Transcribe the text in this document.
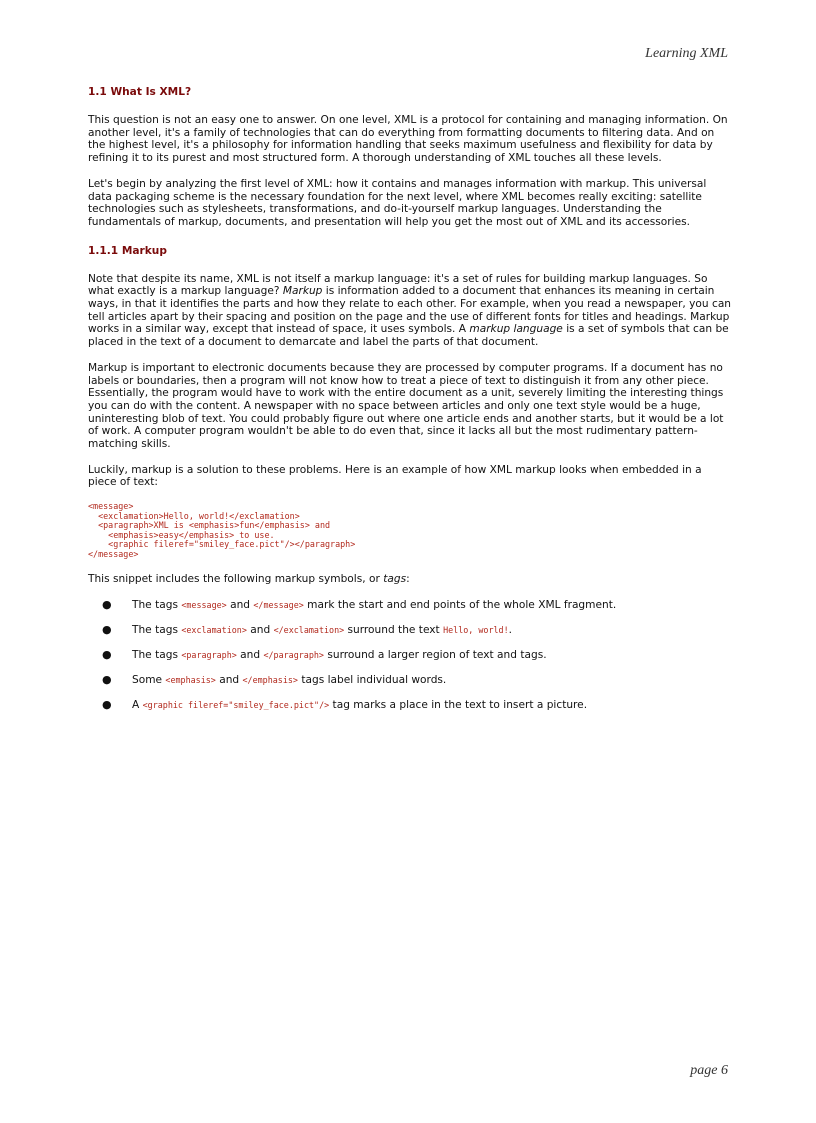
Learning XML
1.1 What Is XML?

This question is not an easy one to answer. On one level, XML is a protocol for containing and managing information. On another level, it's a family of technologies that can do everything from formatting documents to filtering data. And on the highest level, it's a philosophy for information handling that seeks maximum usefulness and flexibility for data by refining it to its purest and most structured form. A thorough understanding of XML touches all these levels.

Let's begin by analyzing the first level of XML: how it contains and manages information with markup. This universal data packaging scheme is the necessary foundation for the next level, where XML becomes really exciting: satellite technologies such as stylesheets, transformations, and do-it-yourself markup languages. Understanding the fundamentals of markup, documents, and presentation will help you get the most out of XML and its accessories.

1.1.1 Markup

Note that despite its name, XML is not itself a markup language: it's a set of rules for building markup languages. So what exactly is a markup language? Markup is information added to a document that enhances its meaning in certain ways, in that it identifies the parts and how they relate to each other. For example, when you read a newspaper, you can tell articles apart by their spacing and position on the page and the use of different fonts for titles and headings. Markup works in a similar way, except that instead of space, it uses symbols. A markup language is a set of symbols that can be placed in the text of a document to demarcate and label the parts of that document.

Markup is important to electronic documents because they are processed by computer programs. If a document has no labels or boundaries, then a program will not know how to treat a piece of text to distinguish it from any other piece. Essentially, the program would have to work with the entire document as a unit, severely limiting the interesting things you can do with the content. A newspaper with no space between articles and only one text style would be a huge, uninteresting blob of text. You could probably figure out where one article ends and another starts, but it would be a lot of work. A computer program wouldn't be able to do even that, since it lacks all but the most rudimentary pattern-matching skills.

Luckily, markup is a solution to these problems. Here is an example of how XML markup looks when embedded in a piece of text:

<message>
<exclamation>Hello, world!</exclamation>
<paragraph>XML is <emphasis>fun</emphasis> and
<emphasis>easy</emphasis> to use.
<graphic fileref="smiley_face.pict"/></paragraph>
</message>

This snippet includes the following markup symbols, or tags:

● The tags <message> and </message> mark the start and end points of the whole XML fragment.
● The tags <exclamation> and </exclamation> surround the text Hello, world!.
● The tags <paragraph> and </paragraph> surround a larger region of text and tags.
● Some <emphasis> and </emphasis> tags label individual words.
● A <graphic fileref="smiley_face.pict"/> tag marks a place in the text to insert a picture.
page 6
